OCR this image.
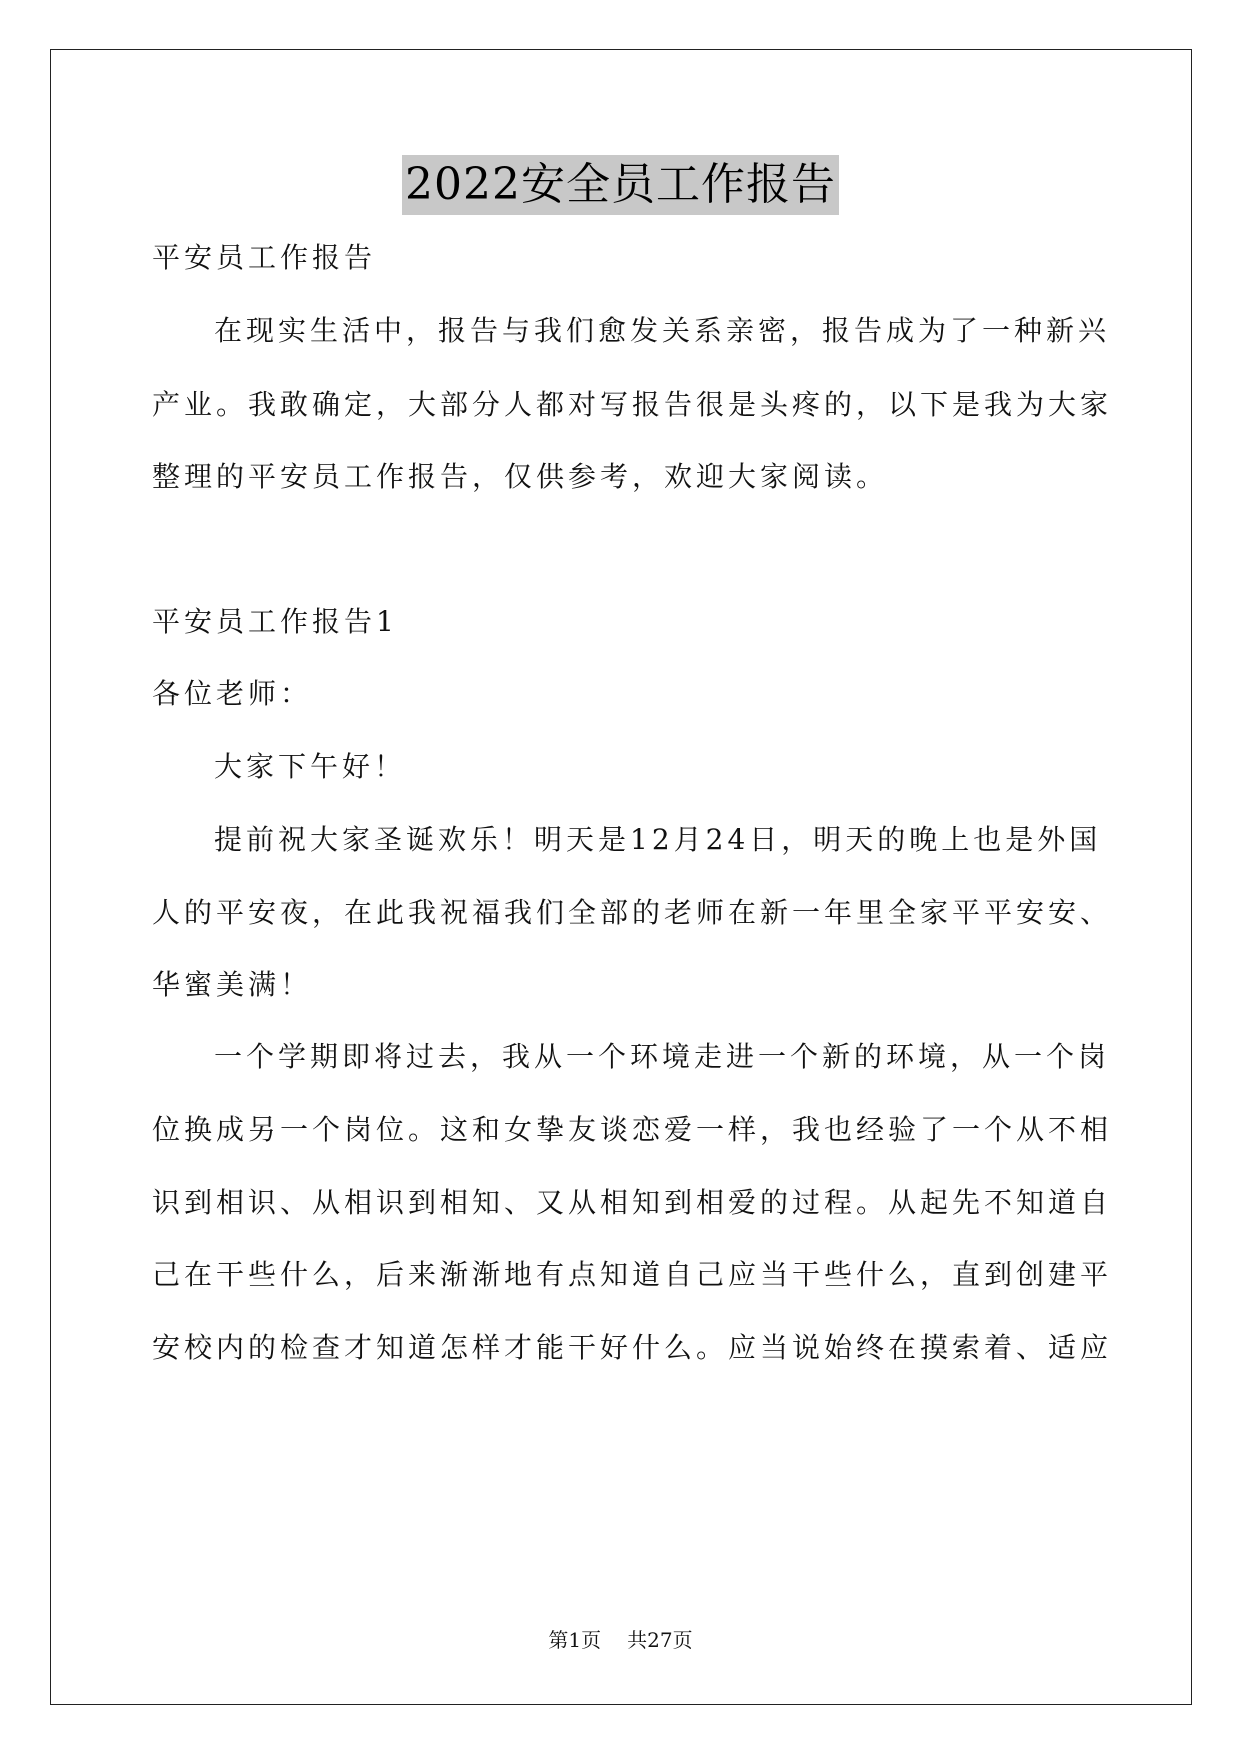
2022安全员工作报告
平安员工作报告
在现实生活中，报告与我们愈发关系亲密，报告成为了一种新兴
产业。我敢确定，大部分人都对写报告很是头疼的，以下是我为大家
整理的平安员工作报告，仅供参考，欢迎大家阅读。
平安员工作报告1
各位老师：
大家下午好！
提前祝大家圣诞欢乐！明天是12月24日，明天的晚上也是外国
人的平安夜，在此我祝福我们全部的老师在新一年里全家平平安安、
华蜜美满！
一个学期即将过去，我从一个环境走进一个新的环境，从一个岗
位换成另一个岗位。这和女挚友谈恋爱一样，我也经验了一个从不相
识到相识、从相识到相知、又从相知到相爱的过程。从起先不知道自
己在干些什么，后来渐渐地有点知道自己应当干些什么，直到创建平
安校内的检查才知道怎样才能干好什么。应当说始终在摸索着、适应
第1页 共27页
